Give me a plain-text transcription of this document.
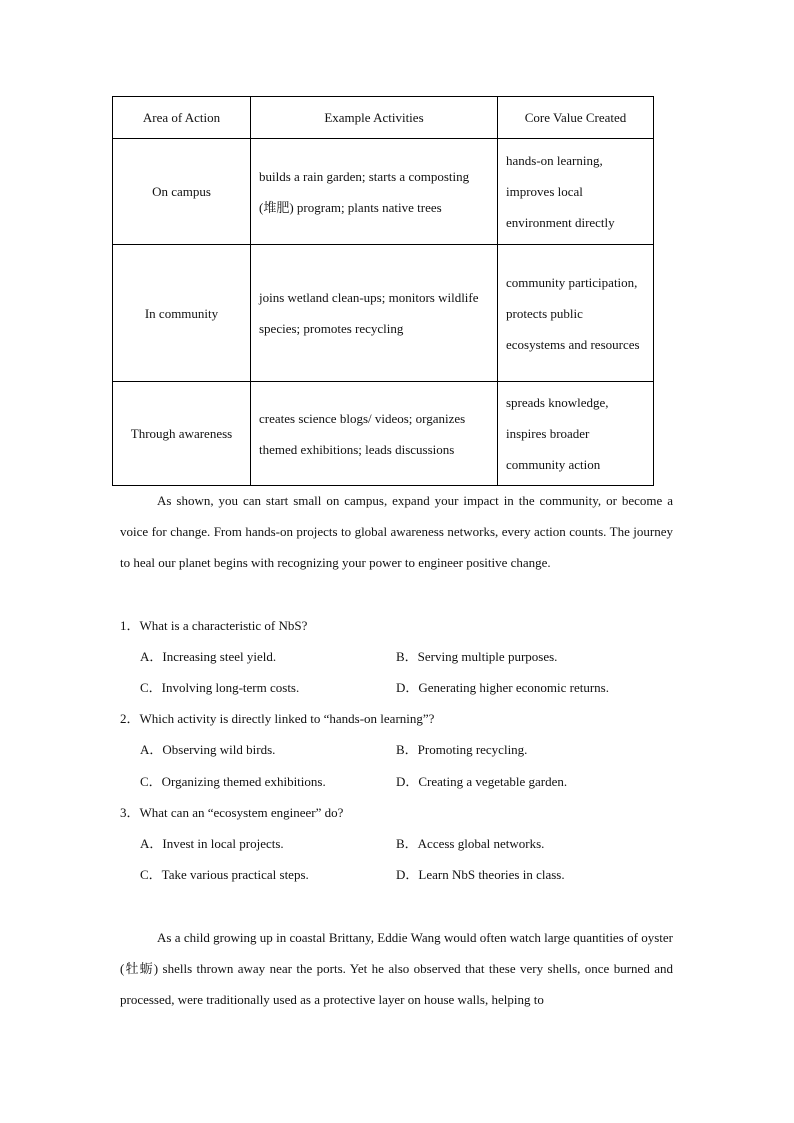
Area of Action	Example Activities	Core Value Created
On campus	builds a rain garden; starts a composting (堆肥) program; plants native trees	hands-on learning, improves local environment directly
In community	joins wetland clean-ups; monitors wildlife species; promotes recycling	community participation, protects public ecosystems and resources
Through awareness	creates science blogs/ videos; organizes themed exhibitions; leads discussions	spreads knowledge, inspires broader community action

As shown, you can start small on campus, expand your impact in the community, or become a voice for change. From hands-on projects to global awareness networks, every action counts. The journey to heal our planet begins with recognizing your power to engineer positive change.

1．What is a characteristic of NbS?

A．Increasing steel yield.	B．Serving multiple purposes.

C．Involving long-term costs.	D．Generating higher economic returns.

2．Which activity is directly linked to “hands-on learning”?

A．Observing wild birds.	B．Promoting recycling.

C．Organizing themed exhibitions.	D．Creating a vegetable garden.

3．What can an “ecosystem engineer” do?

A．Invest in local projects.	B．Access global networks.

C．Take various practical steps.	D．Learn NbS theories in class.

As a child growing up in coastal Brittany, Eddie Wang would often watch large quantities of oyster (牡蛎) shells thrown away near the ports. Yet he also observed that these very shells, once burned and processed, were traditionally used as a protective layer on house walls, helping to
